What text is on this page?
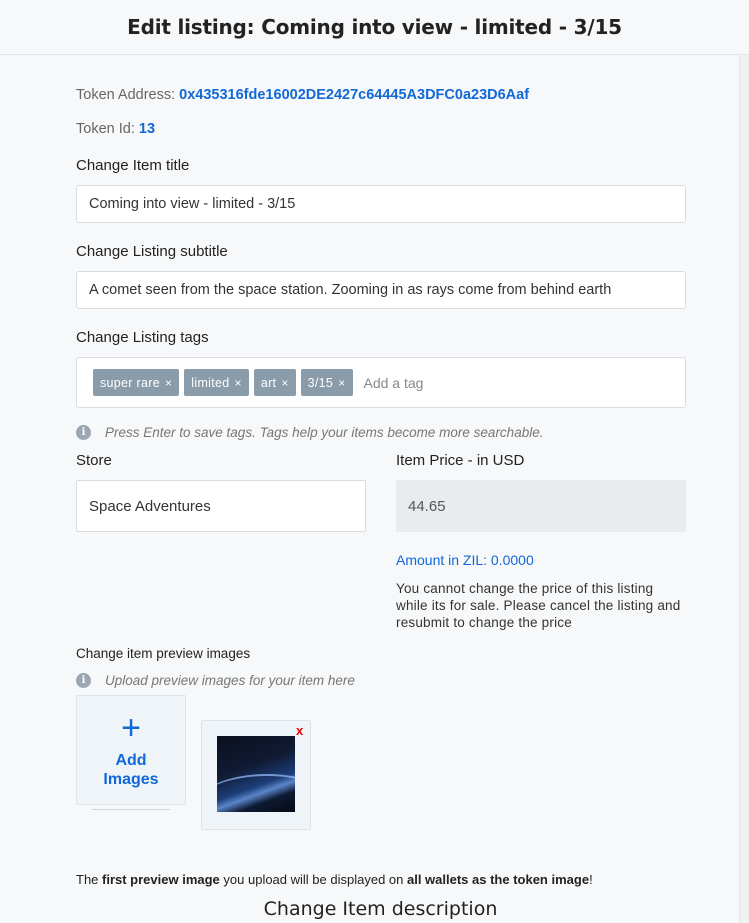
Edit listing: Coming into view - limited - 3/15
Token Address: 0x435316fde16002DE2427c64445A3DFC0a23D6Aaf
Token Id: 13
Change Item title
Coming into view - limited - 3/15
Change Listing subtitle
A comet seen from the space station. Zooming in as rays come from behind earth
Change Listing tags
super rare × limited × art × 3/15 × Add a tag
i	Press Enter to save tags. Tags help your items become more searchable.
Store
Space Adventures
Item Price - in USD
44.65
Amount in ZIL: 0.0000
You cannot change the price of this listing while its for sale. Please cancel the listing and resubmit to change the price
Change item preview images
i	Upload preview images for your item here
+
Add Images
x
The first preview image you upload will be displayed on all wallets as the token image!
Change Item description
